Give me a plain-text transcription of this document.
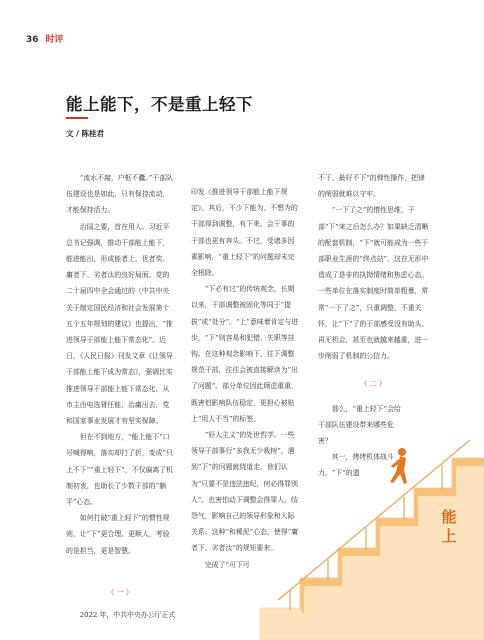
36 时评
能上能下，不是重上轻下
文 / 陈桂君

“流水不腐，户枢不蠹。”干部队伍建设也是如此，只有保持流动，才能保持活力。

治国之要，首在用人。习近平总书记强调，推动干部能上能下，能进能出，形成能者上、优者奖、庸者下、劣者汰的良好局面。党的二十届四中全会通过的《中共中央关于制定国民经济和社会发展第十五个五年规划的建议》也提出，“推进领导干部能上能下常态化”。近日，《人民日报》刊发文章《让领导干部能上能下成为常态》，强调比实推进领导干部能上能下常态化，从市主由电选肾任能、治庸出去，党和国家事业发展才有坚实保障。

但在不到地方，“能上能下”口号喊得响，落实却打了折，变成“只上不下”“重上轻下”，不仅偏离了机制初衷，也助长了少数干部的“躺平”心态。

如何打破“重上轻下”的惯性规则，让“下”更合理、更顺人，考验的是担当，更是智慧。

（一）

2022 年，中共中央办公厅正式

印发《推进领导干部能上能下规定》。其后，不少下能为、不想为的干部得到调整，有下来。会干事的干部也更有奔头。不过，受诸多因素影响，“重上轻下”的问题却未完全根除。

“下必有过”的传统观念，长期以来，干部调整被固化等同于“提拔”或“处分”。“上”意味着肯定与进步，“下”则容易和犯错、失职等挂钩。在这种观念影响下，往下调整规范干部，往往会被直接解读为“出了问题”。部分单位因此顾虑重重，既害怕影响队伍稳定，更担心被贴上“用人不当”的标签。

“好人主义”的处世哲学。一些领导干部事行“多我无少栽树”，遇到“下”的问题就绕道走。他们认为“只要不是违法违纪，何必得罪别人”。也害怕动下调整会得罪人，结怨气，影响自己的领导形象和人际关系。这种“和稀泥”心态，使得“庸者下、劣者汰”的规矩要来。

完成了“可下可

不下，最好不下”的弹性操作，把律的削弱就难以守牢。

“一下了之”的惰性思维，干部“下”来之后怎么办？如果缺乏清晰的配套机制，“下”就可能成为一些干部职业生涯的“终点站”，这在无形中造成了是非的执拗情绪和焦虑心态。一些单位在落实制度时简单粗暴，常常“一下了之”，只重调整，不重关怀，让“下”了的干部感受没有助头、再无机会，甚至也就越来越重，进一步削弱了机制的公信力。

（二）

那么，“重上轻下”会给干部队伍建设带来哪些危害？

其一，烤烤机体战斗力。“下”的遗

能
上
